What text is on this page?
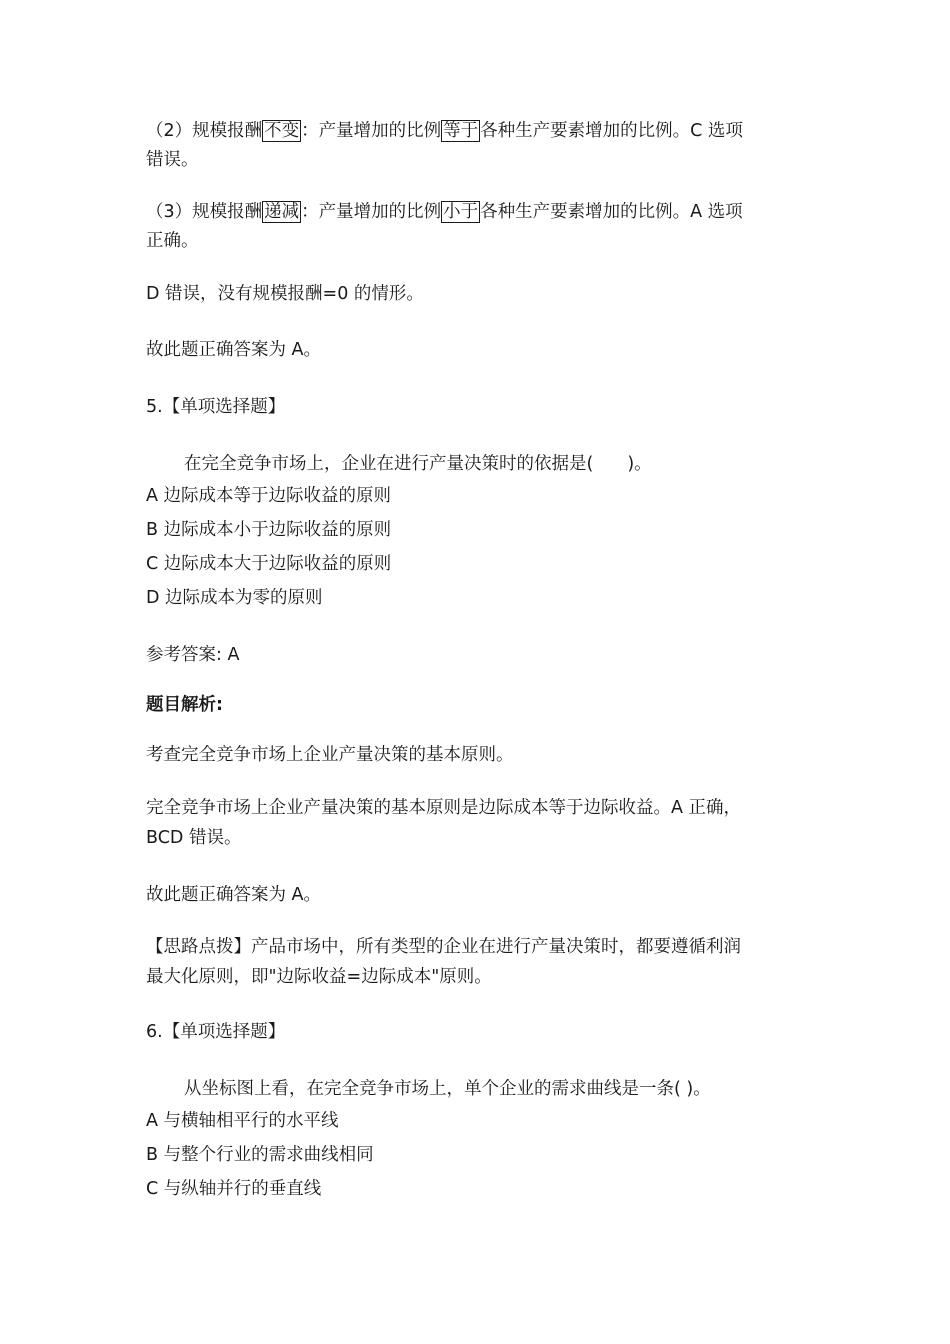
（2）规模报酬 不变 ：产量增加的比例 等于 各种生产要素增加的比例。C 选项
错误。
（3）规模报酬 递减 ：产量增加的比例 小于 各种生产要素增加的比例。A 选项
正确。
D 错误，没有规模报酬=0 的情形。
故此题正确答案为 A。
5.【单项选择题】
在完全竞争市场上，企业在进行产量决策时的依据是( )。
A 边际成本等于边际收益的原则
B 边际成本小于边际收益的原则
C 边际成本大于边际收益的原则
D 边际成本为零的原则
参考答案: A
题目解析:
考查完全竞争市场上企业产量决策的基本原则。
完全竞争市场上企业产量决策的基本原则是边际成本等于边际收益。A 正确，
BCD 错误。
故此题正确答案为 A。
【思路点拨】产品市场中，所有类型的企业在进行产量决策时，都要遵循利润
最大化原则，即"边际收益=边际成本"原则。
6.【单项选择题】
从坐标图上看，在完全竞争市场上，单个企业的需求曲线是一条( )。
A 与横轴相平行的水平线
B 与整个行业的需求曲线相同
C 与纵轴并行的垂直线
